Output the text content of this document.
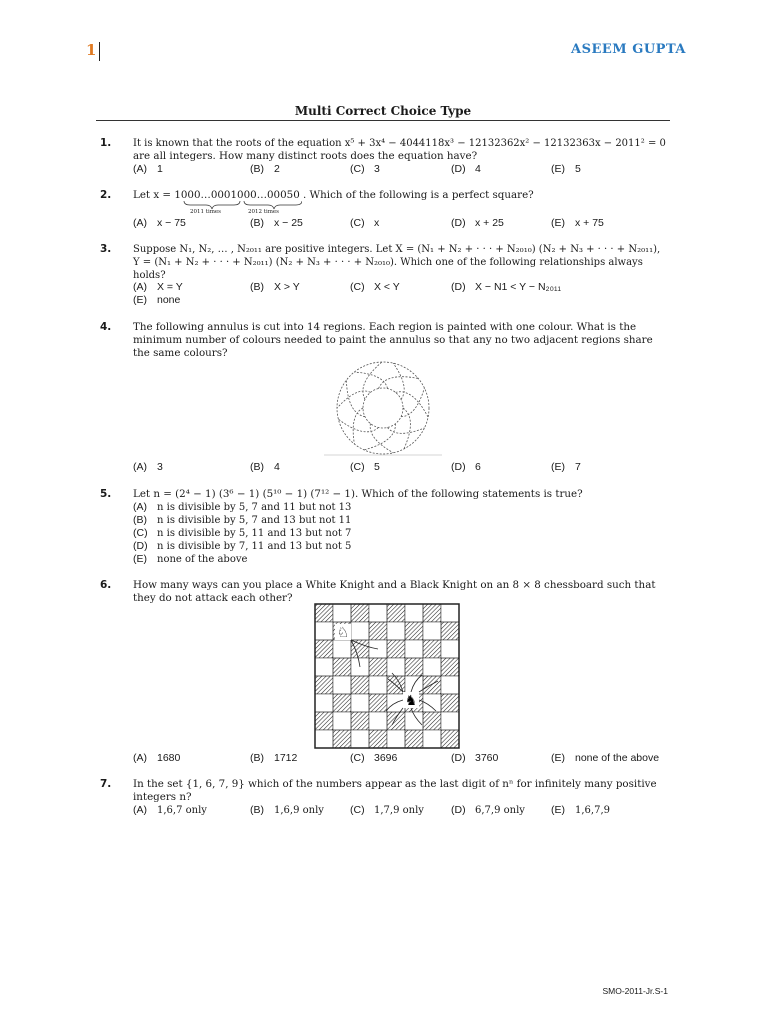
1	ASEEM GUPTA
Multi Correct Choice Type
1. It is known that the roots of the equation x⁵ + 3x⁴ − 4044118x³ − 12132362x² − 12132363x − 2011² = 0
are all integers. How many distinct roots does the equation have?
(A) 1	(B) 2	(C) 3	(D) 4	(E) 5
2. Let x = 1000…0001000…00050 . Which of the following is a perfect square?
2011 times	2012 times
(A) x − 75	(B) x − 25	(C) x	(D) x + 25	(E) x + 75
3. Suppose N₁, N₂, … , N₂₀₁₁ are positive integers. Let X = (N₁ + N₂ + · · · + N₂₀₁₀) (N₂ + N₃ + · · · + N₂₀₁₁),
Y = (N₁ + N₂ + · · · + N₂₀₁₁) (N₂ + N₃ + · · · + N₂₀₁₀). Which one of the following relationships always
holds?
(A) X = Y	(B) X > Y	(C) X < Y	(D) X − N1 < Y − N₂₀₁₁
(E) none
4. The following annulus is cut into 14 regions. Each region is painted with one colour. What is the
minimum number of colours needed to paint the annulus so that any no two adjacent regions share
the same colours?
(A) 3	(B) 4	(C) 5	(D) 6	(E) 7
5. Let n = (2⁴ − 1) (3⁶ − 1) (5¹⁰ − 1) (7¹² − 1). Which of the following statements is true?
(A) n is divisible by 5, 7 and 11 but not 13
(B) n is divisible by 5, 7 and 13 but not 11
(C) n is divisible by 5, 11 and 13 but not 7
(D) n is divisible by 7, 11 and 13 but not 5
(E) none of the above
6. How many ways can you place a White Knight and a Black Knight on an 8 × 8 chessboard such that
they do not attack each other?
(A) 1680	(B) 1712	(C) 3696	(D) 3760	(E) none of the above
♘
♞
7. In the set {1, 6, 7, 9} which of the numbers appear as the last digit of nⁿ for infinitely many positive
integers n?
(A) 1,6,7 only	(B) 1,6,9 only (C) 1,7,9 only	(D) 6,7,9 only (E) 1,6,7,9
SMO-2011-Jr.S-1
